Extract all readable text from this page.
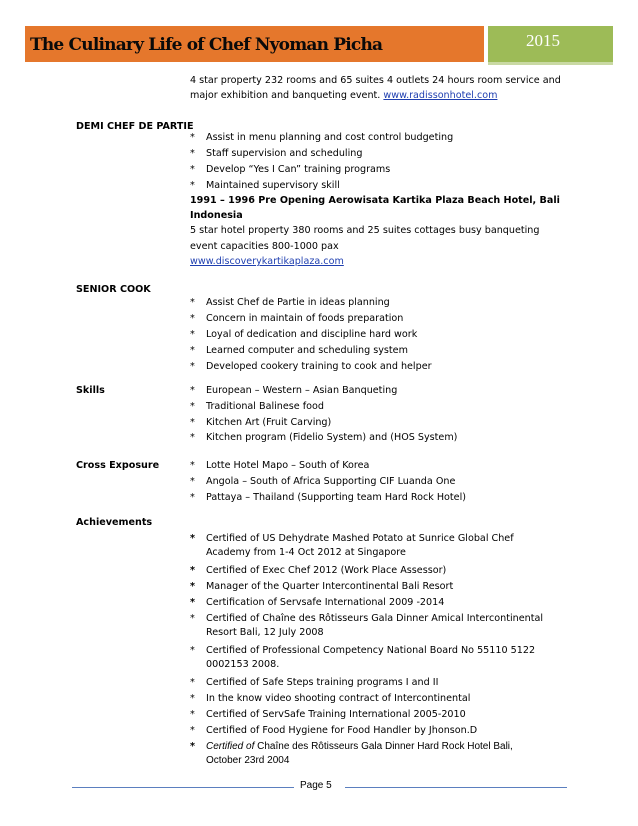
The Culinary Life of Chef Nyoman Picha	2015
4 star property 232 rooms and 65 suites 4 outlets 24 hours room service and
major exhibition and banqueting event. www.radissonhotel.com
DEMI CHEF DE PARTIE
* Assist in menu planning and cost control budgeting
* Staff supervision and scheduling
* Develop “Yes I Can” training programs
* Maintained supervisory skill
1991 – 1996 Pre Opening Aerowisata Kartika Plaza Beach Hotel, Bali
Indonesia
5 star hotel property 380 rooms and 25 suites cottages busy banqueting
event capacities 800-1000 pax
www.discoverykartikaplaza.com
SENIOR COOK
* Assist Chef de Partie in ideas planning
* Concern in maintain of foods preparation
* Loyal of dedication and discipline hard work
* Learned computer and scheduling system
* Developed cookery training to cook and helper
Skills	* European – Western – Asian Banqueting
* Traditional Balinese food
* Kitchen Art (Fruit Carving)
* Kitchen program (Fidelio System) and (HOS System)
Cross Exposure	* Lotte Hotel Mapo – South of Korea
* Angola – South of Africa Supporting CIF Luanda One
* Pattaya – Thailand (Supporting team Hard Rock Hotel)
Achievements
* Certified of US Dehydrate Mashed Potato at Sunrice Global Chef
Academy from 1-4 Oct 2012 at Singapore
* Certified of Exec Chef 2012 (Work Place Assessor)
* Manager of the Quarter Intercontinental Bali Resort
* Certification of Servsafe International 2009 -2014
* Certified of Chaîne des Rôtisseurs Gala Dinner Amical Intercontinental
Resort Bali, 12 July 2008
* Certified of Professional Competency National Board No 55110 5122
0002153 2008.
* Certified of Safe Steps training programs I and II
* In the know video shooting contract of Intercontinental
* Certified of ServSafe Training International 2005-2010
* Certified of Food Hygiene for Food Handler by Jhonson.D
* Certified of Chaîne des Rôtisseurs Gala Dinner Hard Rock Hotel Bali,
October 23rd 2004
Page 5
